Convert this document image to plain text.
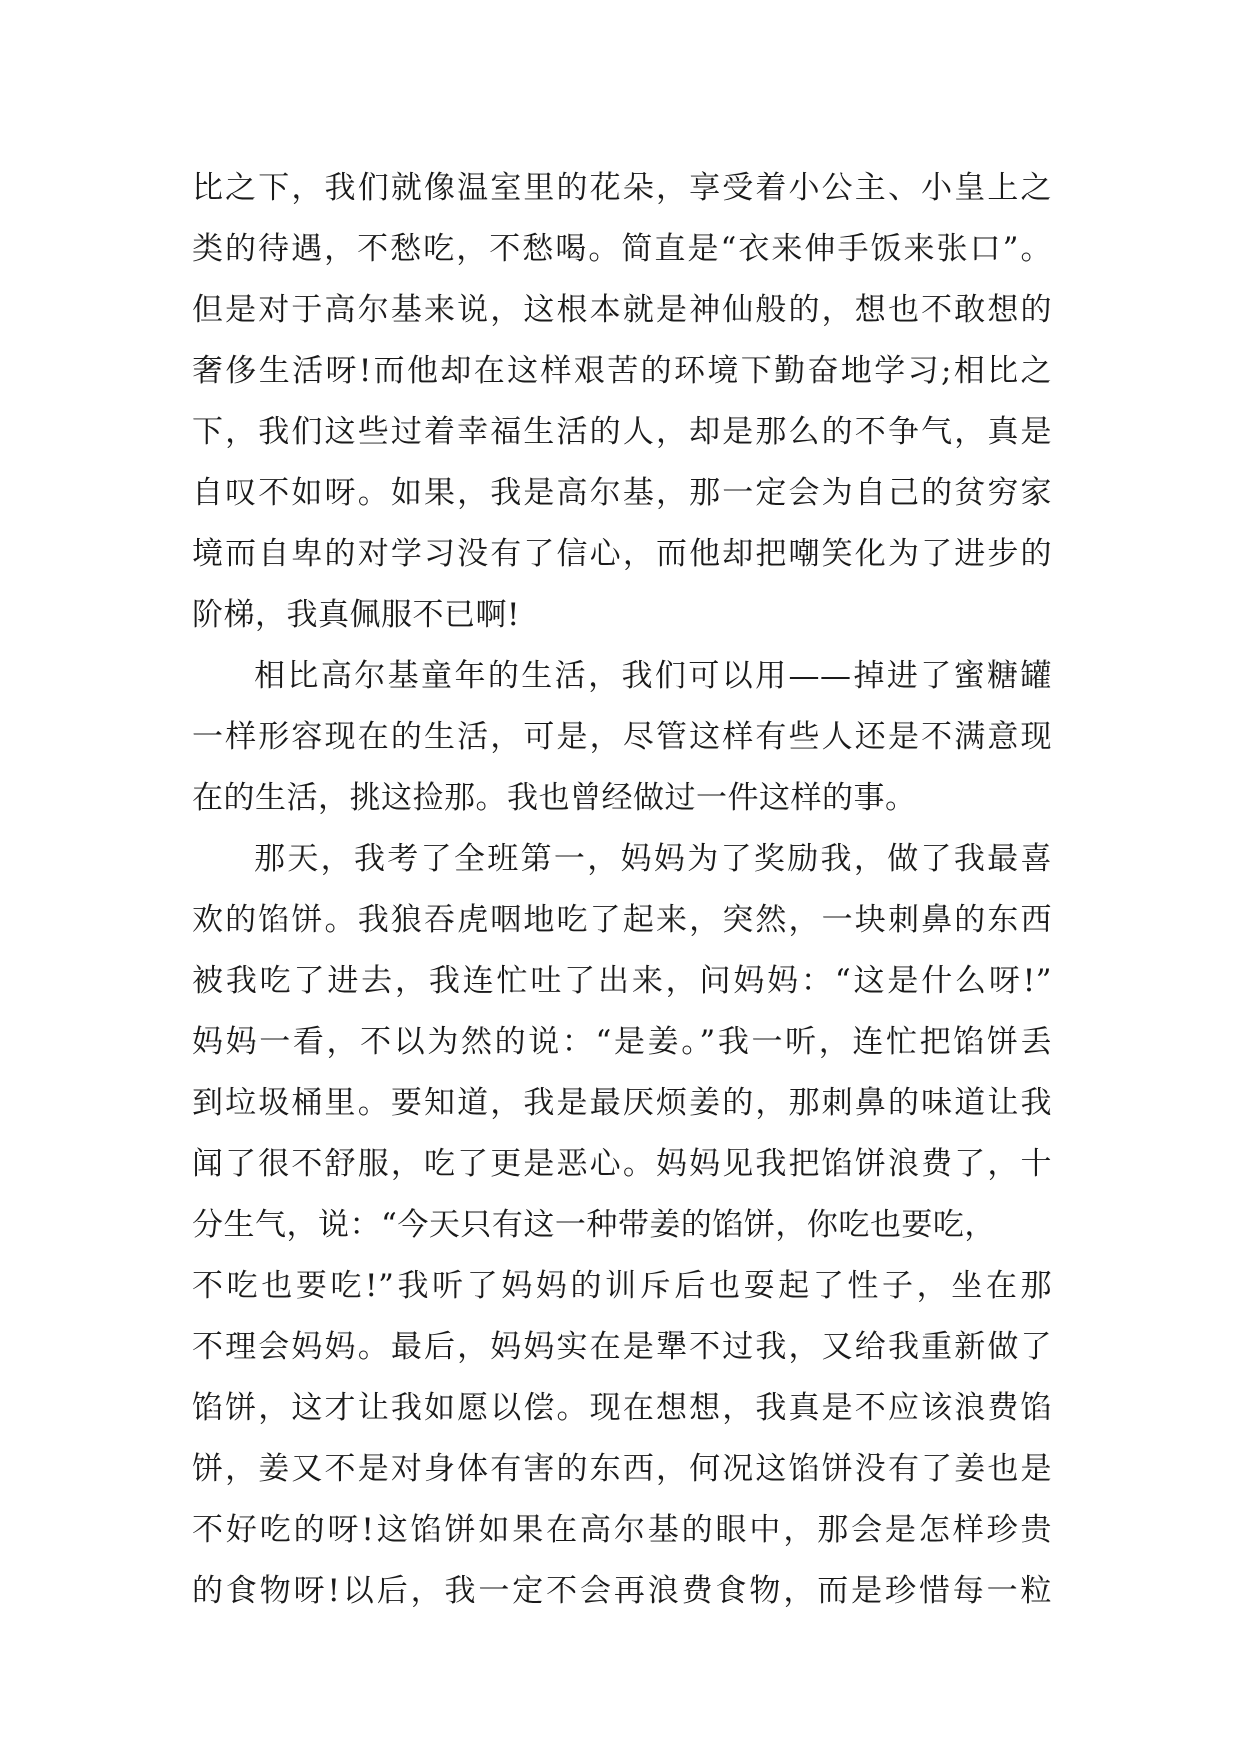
比之下，我们就像温室里的花朵，享受着小公主、小皇上之
类的待遇，不愁吃，不愁喝。简直是“衣来伸手饭来张口”。
但是对于高尔基来说，这根本就是神仙般的，想也不敢想的
奢侈生活呀!而他却在这样艰苦的环境下勤奋地学习;相比之
下，我们这些过着幸福生活的人，却是那么的不争气，真是
自叹不如呀。如果，我是高尔基，那一定会为自己的贫穷家
境而自卑的对学习没有了信心，而他却把嘲笑化为了进步的
阶梯，我真佩服不已啊!
相比高尔基童年的生活，我们可以用——掉进了蜜糖罐
一样形容现在的生活，可是，尽管这样有些人还是不满意现
在的生活，挑这捡那。我也曾经做过一件这样的事。
那天，我考了全班第一，妈妈为了奖励我，做了我最喜
欢的馅饼。我狼吞虎咽地吃了起来，突然，一块刺鼻的东西
被我吃了进去，我连忙吐了出来，问妈妈：“这是什么呀!”
妈妈一看，不以为然的说：“是姜。”我一听，连忙把馅饼丢
到垃圾桶里。要知道，我是最厌烦姜的，那刺鼻的味道让我
闻了很不舒服，吃了更是恶心。妈妈见我把馅饼浪费了，十
分生气，说：“今天只有这一种带姜的馅饼，你吃也要吃，
不吃也要吃!”我听了妈妈的训斥后也耍起了性子，坐在那
不理会妈妈。最后，妈妈实在是犟不过我，又给我重新做了
馅饼，这才让我如愿以偿。现在想想，我真是不应该浪费馅
饼，姜又不是对身体有害的东西，何况这馅饼没有了姜也是
不好吃的呀!这馅饼如果在高尔基的眼中，那会是怎样珍贵
的食物呀!以后，我一定不会再浪费食物，而是珍惜每一粒
